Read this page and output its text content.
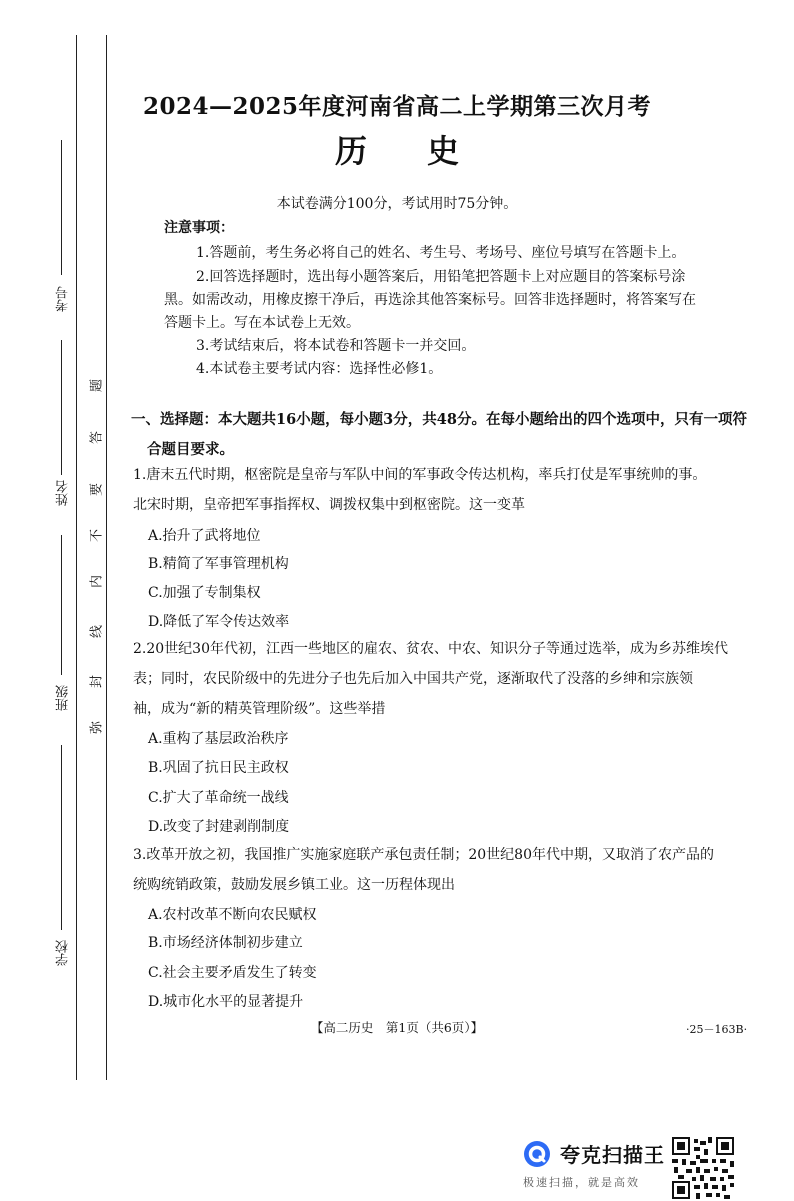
考号
姓名
班级
学校
题
答
要
不
内
线
封
弥
2024—2025年度河南省高二上学期第三次月考
历史
本试卷满分100分，考试用时75分钟。
注意事项：
1.答题前，考生务必将自己的姓名、考生号、考场号、座位号填写在答题卡上。
2.回答选择题时，选出每小题答案后，用铅笔把答题卡上对应题目的答案标号涂
黑。如需改动，用橡皮擦干净后，再选涂其他答案标号。回答非选择题时，将答案写在
答题卡上。写在本试卷上无效。
3.考试结束后，将本试卷和答题卡一并交回。
4.本试卷主要考试内容：选择性必修1。
一、选择题：本大题共16小题，每小题3分，共48分。在每小题给出的四个选项中，只有一项符
合题目要求。
1.唐末五代时期，枢密院是皇帝与军队中间的军事政令传达机构，率兵打仗是军事统帅的事。
北宋时期，皇帝把军事指挥权、调拨权集中到枢密院。这一变革
A.抬升了武将地位
B.精简了军事管理机构
C.加强了专制集权
D.降低了军令传达效率
2.20世纪30年代初，江西一些地区的雇农、贫农、中农、知识分子等通过选举，成为乡苏维埃代
表；同时，农民阶级中的先进分子也先后加入中国共产党，逐渐取代了没落的乡绅和宗族领
袖，成为“新的精英管理阶级”。这些举措
A.重构了基层政治秩序
B.巩固了抗日民主政权
C.扩大了革命统一战线
D.改变了封建剥削制度
3.改革开放之初，我国推广实施家庭联产承包责任制；20世纪80年代中期，又取消了农产品的
统购统销政策，鼓励发展乡镇工业。这一历程体现出
A.农村改革不断向农民赋权
B.市场经济体制初步建立
C.社会主要矛盾发生了转变
D.城市化水平的显著提升
【高二历史　第1页（共6页）】	·25－163B·
夸克扫描王
极速扫描，就是高效
